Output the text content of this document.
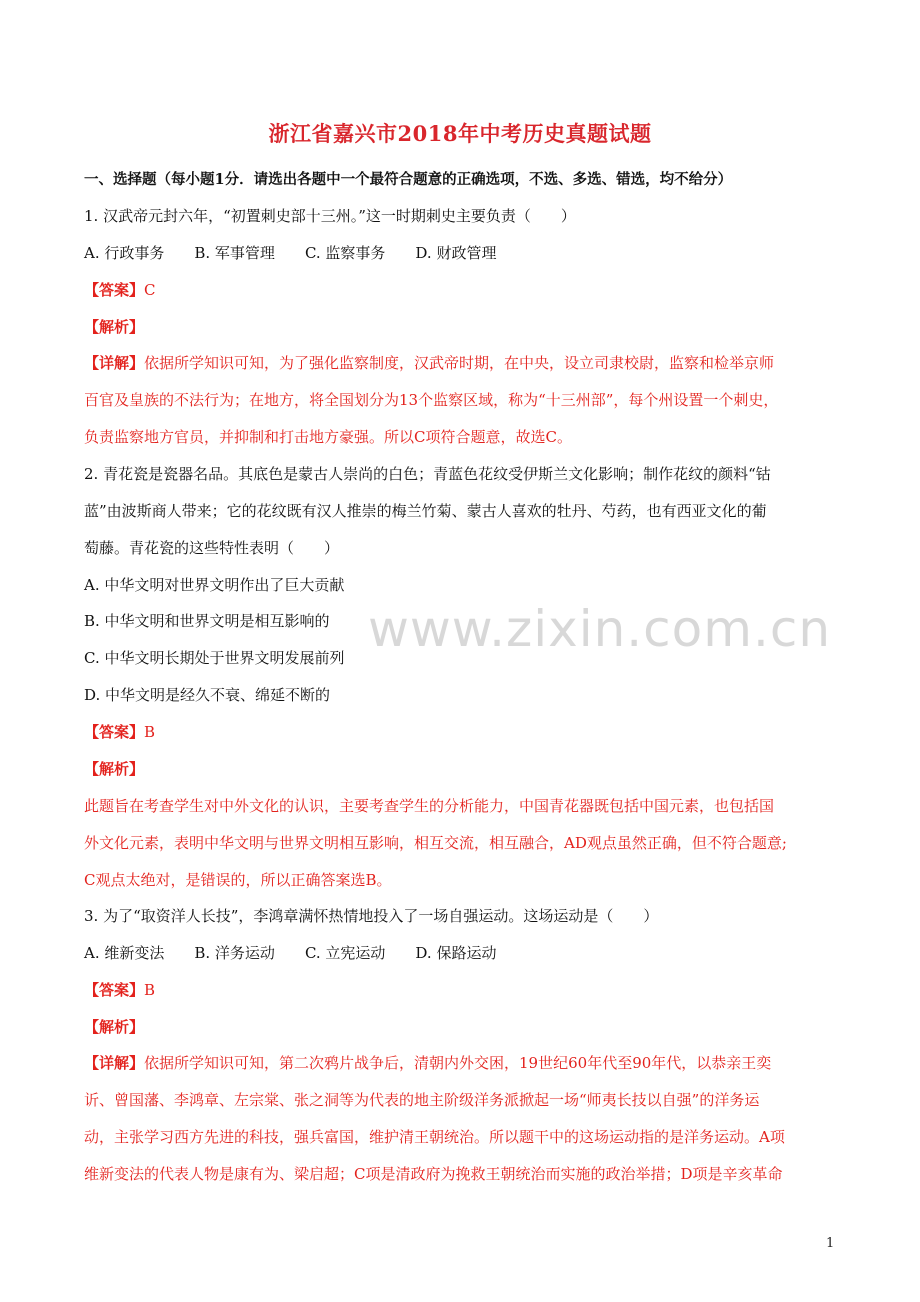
浙江省嘉兴市2018年中考历史真题试题
一、选择题（每小题1分．请选出各题中一个最符合题意的正确选项，不选、多选、错选，均不给分）
1. 汉武帝元封六年，“初置刺史部十三州。”这一时期刺史主要负责（　　）
A. 行政事务 B. 军事管理 C. 监察事务 D. 财政管理
【答案】C
【解析】
【详解】依据所学知识可知，为了强化监察制度，汉武帝时期，在中央，设立司隶校尉，监察和检举京师
百官及皇族的不法行为；在地方，将全国划分为13个监察区域，称为“十三州部”，每个州设置一个刺史，
负责监察地方官员，并抑制和打击地方豪强。所以C项符合题意，故选C。
2. 青花瓷是瓷器名品。其底色是蒙古人崇尚的白色；青蓝色花纹受伊斯兰文化影响；制作花纹的颜料“钴
蓝”由波斯商人带来；它的花纹既有汉人推崇的梅兰竹菊、蒙古人喜欢的牡丹、芍药，也有西亚文化的葡
萄藤。青花瓷的这些特性表明（　　）
A. 中华文明对世界文明作出了巨大贡献
B. 中华文明和世界文明是相互影响的
C. 中华文明长期处于世界文明发展前列
D. 中华文明是经久不衰、绵延不断的
【答案】B
【解析】
此题旨在考查学生对中外文化的认识，主要考查学生的分析能力，中国青花器既包括中国元素，也包括国
外文化元素，表明中华文明与世界文明相互影响，相互交流，相互融合，AD观点虽然正确，但不符合题意;
C观点太绝对，是错误的，所以正确答案选B。
3. 为了“取资洋人长技”，李鸿章满怀热情地投入了一场自强运动。这场运动是（　　）
A. 维新变法 B. 洋务运动 C. 立宪运动 D. 保路运动
【答案】B
【解析】
【详解】依据所学知识可知，第二次鸦片战争后，清朝内外交困，19世纪60年代至90年代，以恭亲王奕
䜣、曾国藩、李鸿章、左宗棠、张之洞等为代表的地主阶级洋务派掀起一场“师夷长技以自强”的洋务运
动，主张学习西方先进的科技，强兵富国，维护清王朝统治。所以题干中的这场运动指的是洋务运动。A项
维新变法的代表人物是康有为、梁启超；C项是清政府为挽救王朝统治而实施的政治举措；D项是辛亥革命
www.zixin.com.cn
1
